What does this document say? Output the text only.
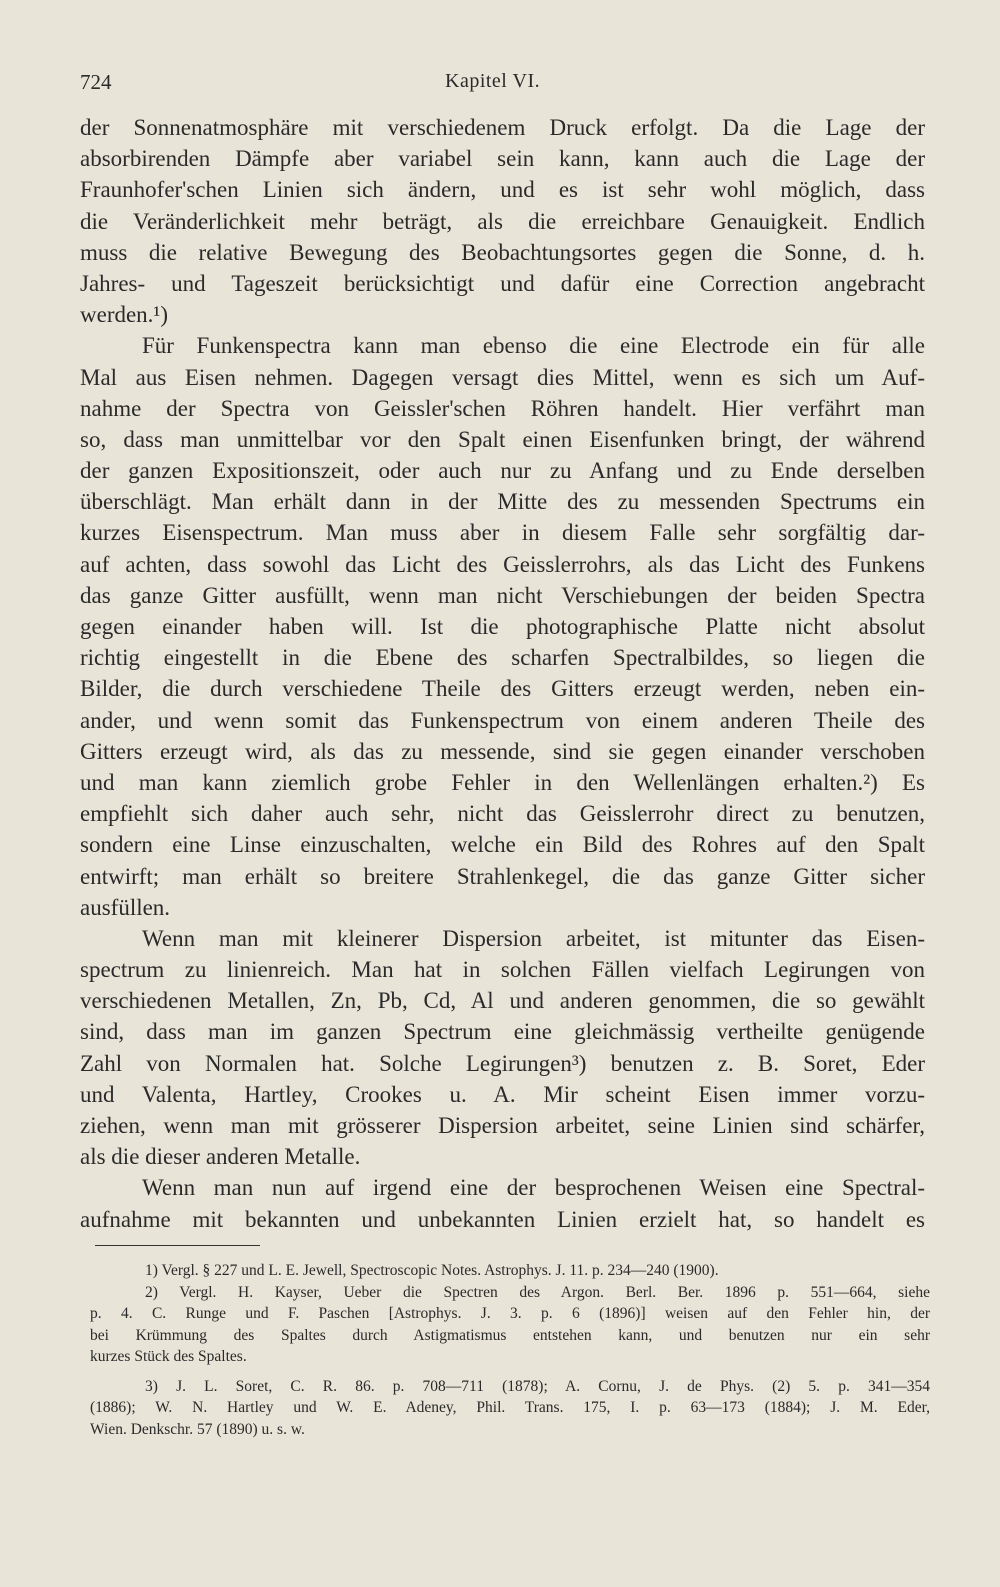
724	Kapitel VI.
der Sonnenatmosphäre mit verschiedenem Druck erfolgt. Da die Lage der
absorbirenden Dämpfe aber variabel sein kann, kann auch die Lage der
Fraunhofer'schen Linien sich ändern, und es ist sehr wohl möglich, dass
die Veränderlichkeit mehr beträgt, als die erreichbare Genauigkeit. Endlich
muss die relative Bewegung des Beobachtungsortes gegen die Sonne, d. h.
Jahres- und Tageszeit berücksichtigt und dafür eine Correction angebracht
werden.¹)
Für Funkenspectra kann man ebenso die eine Electrode ein für alle
Mal aus Eisen nehmen. Dagegen versagt dies Mittel, wenn es sich um Auf-
nahme der Spectra von Geissler'schen Röhren handelt. Hier verfährt man
so, dass man unmittelbar vor den Spalt einen Eisenfunken bringt, der während
der ganzen Expositionszeit, oder auch nur zu Anfang und zu Ende derselben
überschlägt. Man erhält dann in der Mitte des zu messenden Spectrums ein
kurzes Eisenspectrum. Man muss aber in diesem Falle sehr sorgfältig dar-
auf achten, dass sowohl das Licht des Geisslerrohrs, als das Licht des Funkens
das ganze Gitter ausfüllt, wenn man nicht Verschiebungen der beiden Spectra
gegen einander haben will. Ist die photographische Platte nicht absolut
richtig eingestellt in die Ebene des scharfen Spectralbildes, so liegen die
Bilder, die durch verschiedene Theile des Gitters erzeugt werden, neben ein-
ander, und wenn somit das Funkenspectrum von einem anderen Theile des
Gitters erzeugt wird, als das zu messende, sind sie gegen einander verschoben
und man kann ziemlich grobe Fehler in den Wellenlängen erhalten.²) Es
empfiehlt sich daher auch sehr, nicht das Geisslerrohr direct zu benutzen,
sondern eine Linse einzuschalten, welche ein Bild des Rohres auf den Spalt
entwirft; man erhält so breitere Strahlenkegel, die das ganze Gitter sicher
ausfüllen.
Wenn man mit kleinerer Dispersion arbeitet, ist mitunter das Eisen-
spectrum zu linienreich. Man hat in solchen Fällen vielfach Legirungen von
verschiedenen Metallen, Zn, Pb, Cd, Al und anderen genommen, die so gewählt
sind, dass man im ganzen Spectrum eine gleichmässig vertheilte genügende
Zahl von Normalen hat. Solche Legirungen³) benutzen z. B. Soret, Eder
und Valenta, Hartley, Crookes u. A. Mir scheint Eisen immer vorzu-
ziehen, wenn man mit grösserer Dispersion arbeitet, seine Linien sind schärfer,
als die dieser anderen Metalle.
Wenn man nun auf irgend eine der besprochenen Weisen eine Spectral-
aufnahme mit bekannten und unbekannten Linien erzielt hat, so handelt es
1) Vergl. § 227 und L. E. Jewell, Spectroscopic Notes. Astrophys. J. 11. p. 234—240 (1900).
2) Vergl. H. Kayser, Ueber die Spectren des Argon. Berl. Ber. 1896 p. 551—664, siehe
p. 4. C. Runge und F. Paschen [Astrophys. J. 3. p. 6 (1896)] weisen auf den Fehler hin, der
bei Krümmung des Spaltes durch Astigmatismus entstehen kann, und benutzen nur ein sehr
kurzes Stück des Spaltes.
3) J. L. Soret, C. R. 86. p. 708—711 (1878); A. Cornu, J. de Phys. (2) 5. p. 341—354
(1886); W. N. Hartley und W. E. Adeney, Phil. Trans. 175, I. p. 63—173 (1884); J. M. Eder,
Wien. Denkschr. 57 (1890) u. s. w.
